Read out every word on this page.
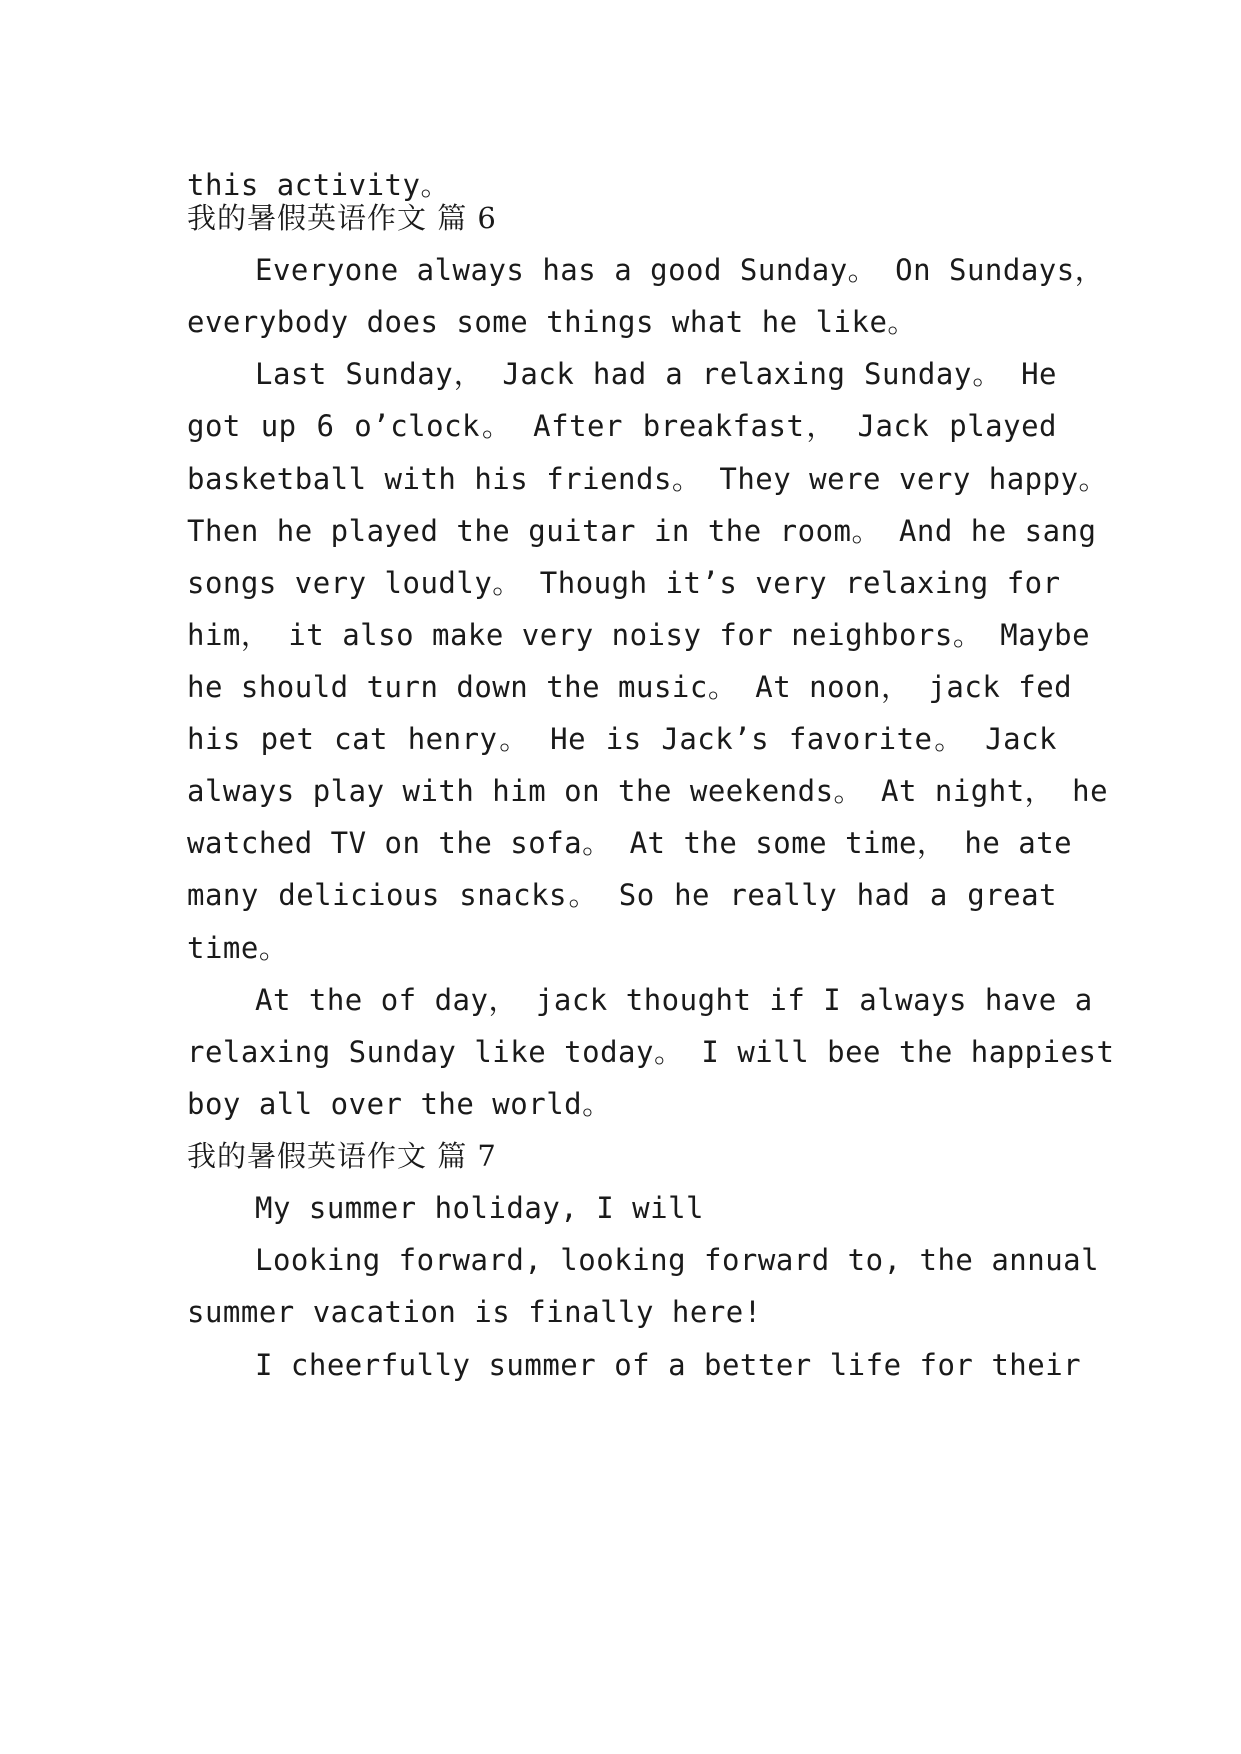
this activity。
我的暑假英语作文 篇 6
Everyone always has a good Sunday。 On Sundays，
everybody does some things what he like。
Last Sunday， Jack had a relaxing Sunday。 He
got up 6 o’clock。 After breakfast， Jack played
basketball with his friends。 They were very happy。
Then he played the guitar in the room。 And he sang
songs very loudly。 Though it’s very relaxing for
him， it also make very noisy for neighbors。 Maybe
he should turn down the music。 At noon， jack fed
his pet cat henry。 He is Jack’s favorite。 Jack
always play with him on the weekends。 At night， he
watched TV on the sofa。 At the some time， he ate
many delicious snacks。 So he really had a great
time。
At the of day， jack thought if I always have a
relaxing Sunday like today。 I will bee the happiest
boy all over the world。
我的暑假英语作文 篇 7
My summer holiday, I will
Looking forward, looking forward to, the annual
summer vacation is finally here!
I cheerfully summer of a better life for their
